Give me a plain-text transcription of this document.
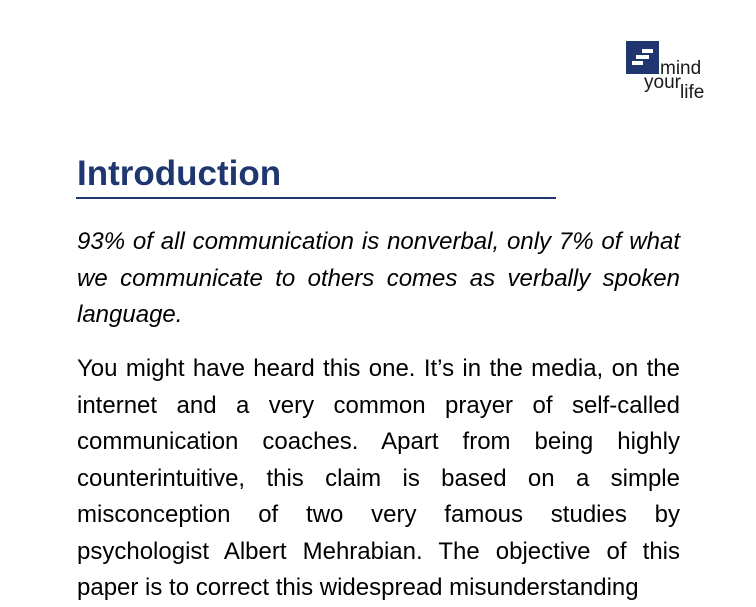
mind
your life
Introduction

93% of all communication is nonverbal, only 7% of what we communicate to others comes as verbally spoken language.

You might have heard this one. It’s in the media, on the internet and a very common prayer of self-called communication coaches. Apart from being highly counterintuitive, this claim is based on a simple misconception of two very famous studies by psychologist Albert Mehrabian. The objective of this paper is to correct this widespread misunderstanding
